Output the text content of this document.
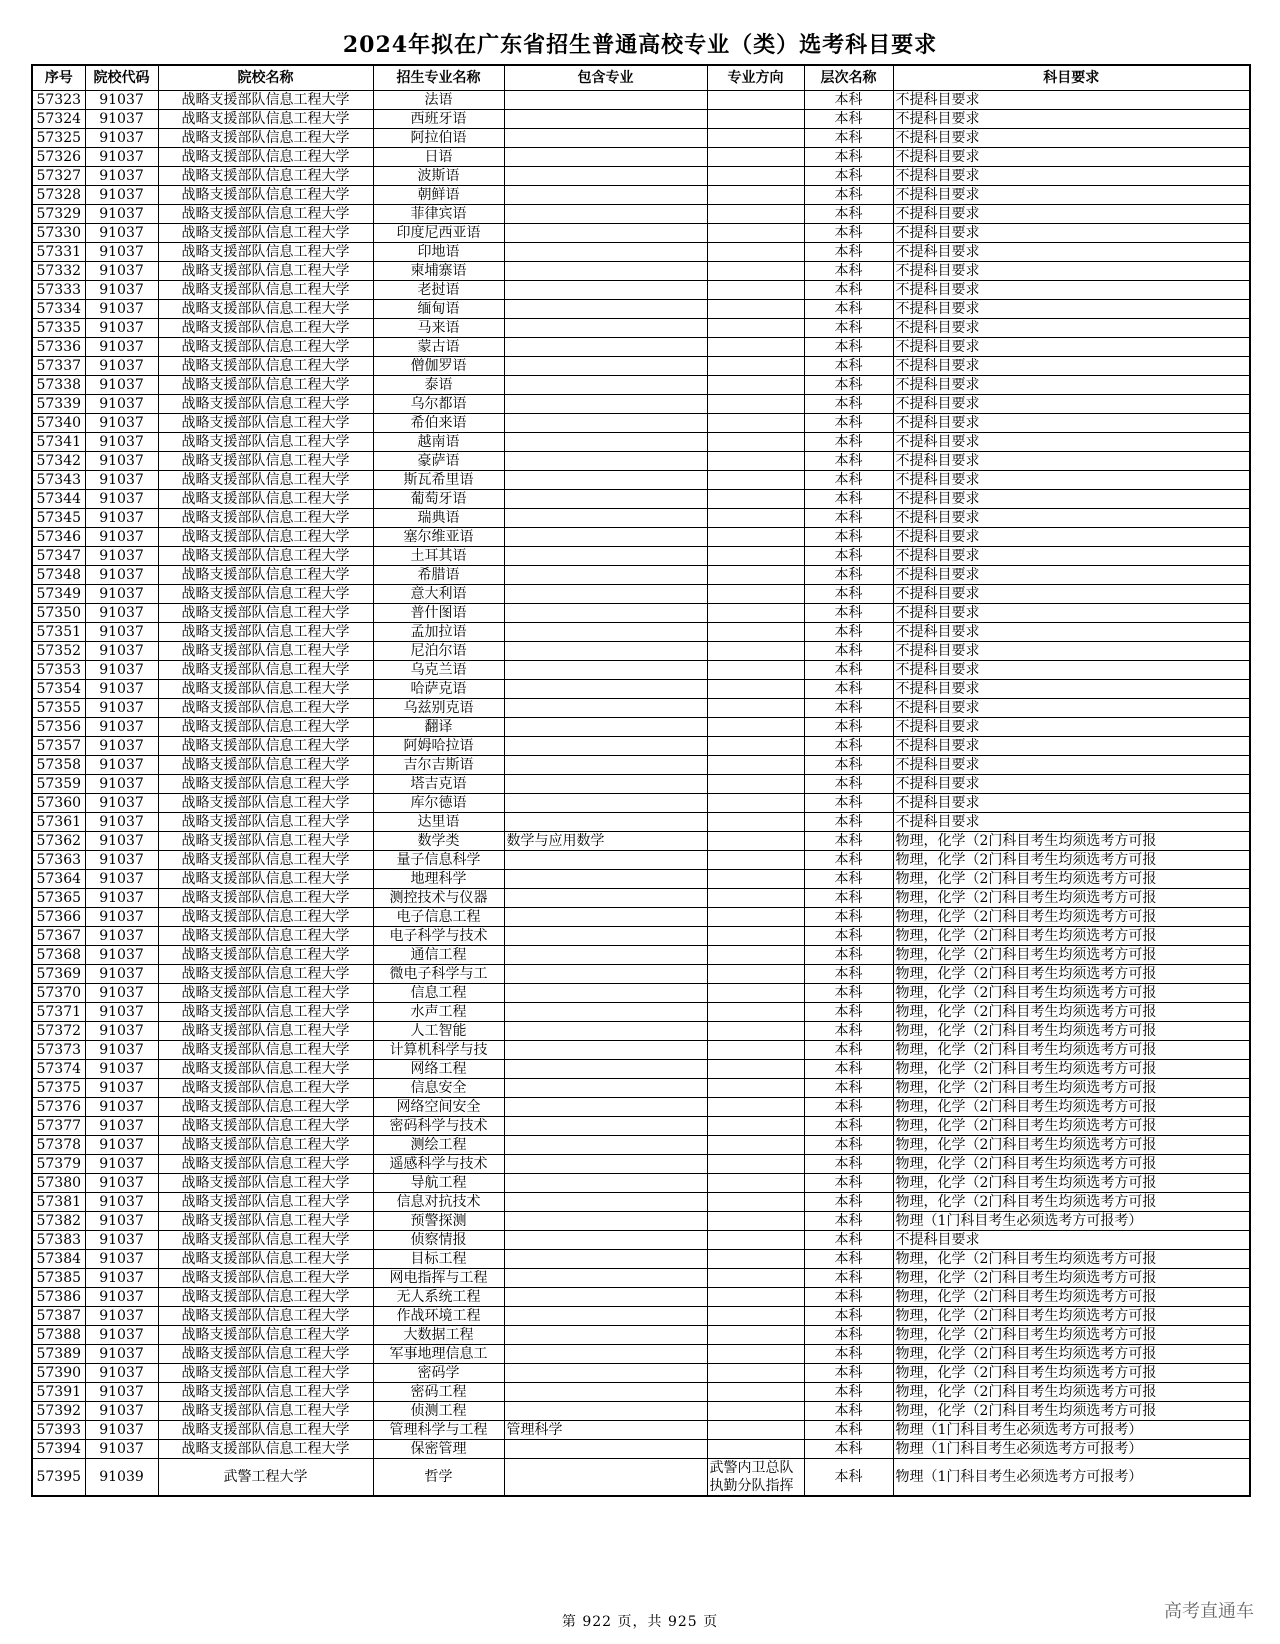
2024年拟在广东省招生普通高校专业（类）选考科目要求
序号	院校代码	院校名称	招生专业名称	包含专业	专业方向	层次名称	科目要求
57323	91037	战略支援部队信息工程大学	法语			本科	不提科目要求
57324	91037	战略支援部队信息工程大学	西班牙语			本科	不提科目要求
57325	91037	战略支援部队信息工程大学	阿拉伯语			本科	不提科目要求
57326	91037	战略支援部队信息工程大学	日语			本科	不提科目要求
57327	91037	战略支援部队信息工程大学	波斯语			本科	不提科目要求
57328	91037	战略支援部队信息工程大学	朝鲜语			本科	不提科目要求
57329	91037	战略支援部队信息工程大学	菲律宾语			本科	不提科目要求
57330	91037	战略支援部队信息工程大学	印度尼西亚语			本科	不提科目要求
57331	91037	战略支援部队信息工程大学	印地语			本科	不提科目要求
57332	91037	战略支援部队信息工程大学	柬埔寨语			本科	不提科目要求
57333	91037	战略支援部队信息工程大学	老挝语			本科	不提科目要求
57334	91037	战略支援部队信息工程大学	缅甸语			本科	不提科目要求
57335	91037	战略支援部队信息工程大学	马来语			本科	不提科目要求
57336	91037	战略支援部队信息工程大学	蒙古语			本科	不提科目要求
57337	91037	战略支援部队信息工程大学	僧伽罗语			本科	不提科目要求
57338	91037	战略支援部队信息工程大学	泰语			本科	不提科目要求
57339	91037	战略支援部队信息工程大学	乌尔都语			本科	不提科目要求
57340	91037	战略支援部队信息工程大学	希伯来语			本科	不提科目要求
57341	91037	战略支援部队信息工程大学	越南语			本科	不提科目要求
57342	91037	战略支援部队信息工程大学	豪萨语			本科	不提科目要求
57343	91037	战略支援部队信息工程大学	斯瓦希里语			本科	不提科目要求
57344	91037	战略支援部队信息工程大学	葡萄牙语			本科	不提科目要求
57345	91037	战略支援部队信息工程大学	瑞典语			本科	不提科目要求
57346	91037	战略支援部队信息工程大学	塞尔维亚语			本科	不提科目要求
57347	91037	战略支援部队信息工程大学	土耳其语			本科	不提科目要求
57348	91037	战略支援部队信息工程大学	希腊语			本科	不提科目要求
57349	91037	战略支援部队信息工程大学	意大利语			本科	不提科目要求
57350	91037	战略支援部队信息工程大学	普什图语			本科	不提科目要求
57351	91037	战略支援部队信息工程大学	孟加拉语			本科	不提科目要求
57352	91037	战略支援部队信息工程大学	尼泊尔语			本科	不提科目要求
57353	91037	战略支援部队信息工程大学	乌克兰语			本科	不提科目要求
57354	91037	战略支援部队信息工程大学	哈萨克语			本科	不提科目要求
57355	91037	战略支援部队信息工程大学	乌兹别克语			本科	不提科目要求
57356	91037	战略支援部队信息工程大学	翻译			本科	不提科目要求
57357	91037	战略支援部队信息工程大学	阿姆哈拉语			本科	不提科目要求
57358	91037	战略支援部队信息工程大学	吉尔吉斯语			本科	不提科目要求
57359	91037	战略支援部队信息工程大学	塔吉克语			本科	不提科目要求
57360	91037	战略支援部队信息工程大学	库尔德语			本科	不提科目要求
57361	91037	战略支援部队信息工程大学	达里语			本科	不提科目要求
57362	91037	战略支援部队信息工程大学	数学类	数学与应用数学		本科	物理，化学（2门科目考生均须选考方可报
57363	91037	战略支援部队信息工程大学	量子信息科学			本科	物理，化学（2门科目考生均须选考方可报
57364	91037	战略支援部队信息工程大学	地理科学			本科	物理，化学（2门科目考生均须选考方可报
57365	91037	战略支援部队信息工程大学	测控技术与仪器			本科	物理，化学（2门科目考生均须选考方可报
57366	91037	战略支援部队信息工程大学	电子信息工程			本科	物理，化学（2门科目考生均须选考方可报
57367	91037	战略支援部队信息工程大学	电子科学与技术			本科	物理，化学（2门科目考生均须选考方可报
57368	91037	战略支援部队信息工程大学	通信工程			本科	物理，化学（2门科目考生均须选考方可报
57369	91037	战略支援部队信息工程大学	微电子科学与工			本科	物理，化学（2门科目考生均须选考方可报
57370	91037	战略支援部队信息工程大学	信息工程			本科	物理，化学（2门科目考生均须选考方可报
57371	91037	战略支援部队信息工程大学	水声工程			本科	物理，化学（2门科目考生均须选考方可报
57372	91037	战略支援部队信息工程大学	人工智能			本科	物理，化学（2门科目考生均须选考方可报
57373	91037	战略支援部队信息工程大学	计算机科学与技			本科	物理，化学（2门科目考生均须选考方可报
57374	91037	战略支援部队信息工程大学	网络工程			本科	物理，化学（2门科目考生均须选考方可报
57375	91037	战略支援部队信息工程大学	信息安全			本科	物理，化学（2门科目考生均须选考方可报
57376	91037	战略支援部队信息工程大学	网络空间安全			本科	物理，化学（2门科目考生均须选考方可报
57377	91037	战略支援部队信息工程大学	密码科学与技术			本科	物理，化学（2门科目考生均须选考方可报
57378	91037	战略支援部队信息工程大学	测绘工程			本科	物理，化学（2门科目考生均须选考方可报
57379	91037	战略支援部队信息工程大学	遥感科学与技术			本科	物理，化学（2门科目考生均须选考方可报
57380	91037	战略支援部队信息工程大学	导航工程			本科	物理，化学（2门科目考生均须选考方可报
57381	91037	战略支援部队信息工程大学	信息对抗技术			本科	物理，化学（2门科目考生均须选考方可报
57382	91037	战略支援部队信息工程大学	预警探测			本科	物理（1门科目考生必须选考方可报考）
57383	91037	战略支援部队信息工程大学	侦察情报			本科	不提科目要求
57384	91037	战略支援部队信息工程大学	目标工程			本科	物理，化学（2门科目考生均须选考方可报
57385	91037	战略支援部队信息工程大学	网电指挥与工程			本科	物理，化学（2门科目考生均须选考方可报
57386	91037	战略支援部队信息工程大学	无人系统工程			本科	物理，化学（2门科目考生均须选考方可报
57387	91037	战略支援部队信息工程大学	作战环境工程			本科	物理，化学（2门科目考生均须选考方可报
57388	91037	战略支援部队信息工程大学	大数据工程			本科	物理，化学（2门科目考生均须选考方可报
57389	91037	战略支援部队信息工程大学	军事地理信息工			本科	物理，化学（2门科目考生均须选考方可报
57390	91037	战略支援部队信息工程大学	密码学			本科	物理，化学（2门科目考生均须选考方可报
57391	91037	战略支援部队信息工程大学	密码工程			本科	物理，化学（2门科目考生均须选考方可报
57392	91037	战略支援部队信息工程大学	侦测工程			本科	物理，化学（2门科目考生均须选考方可报
57393	91037	战略支援部队信息工程大学	管理科学与工程	管理科学		本科	物理（1门科目考生必须选考方可报考）
57394	91037	战略支援部队信息工程大学	保密管理			本科	物理（1门科目考生必须选考方可报考）
57395	91039	武警工程大学	哲学		武警内卫总队执勤分队指挥	本科	物理（1门科目考生必须选考方可报考）
第 922 页，共 925 页	高考直通车
